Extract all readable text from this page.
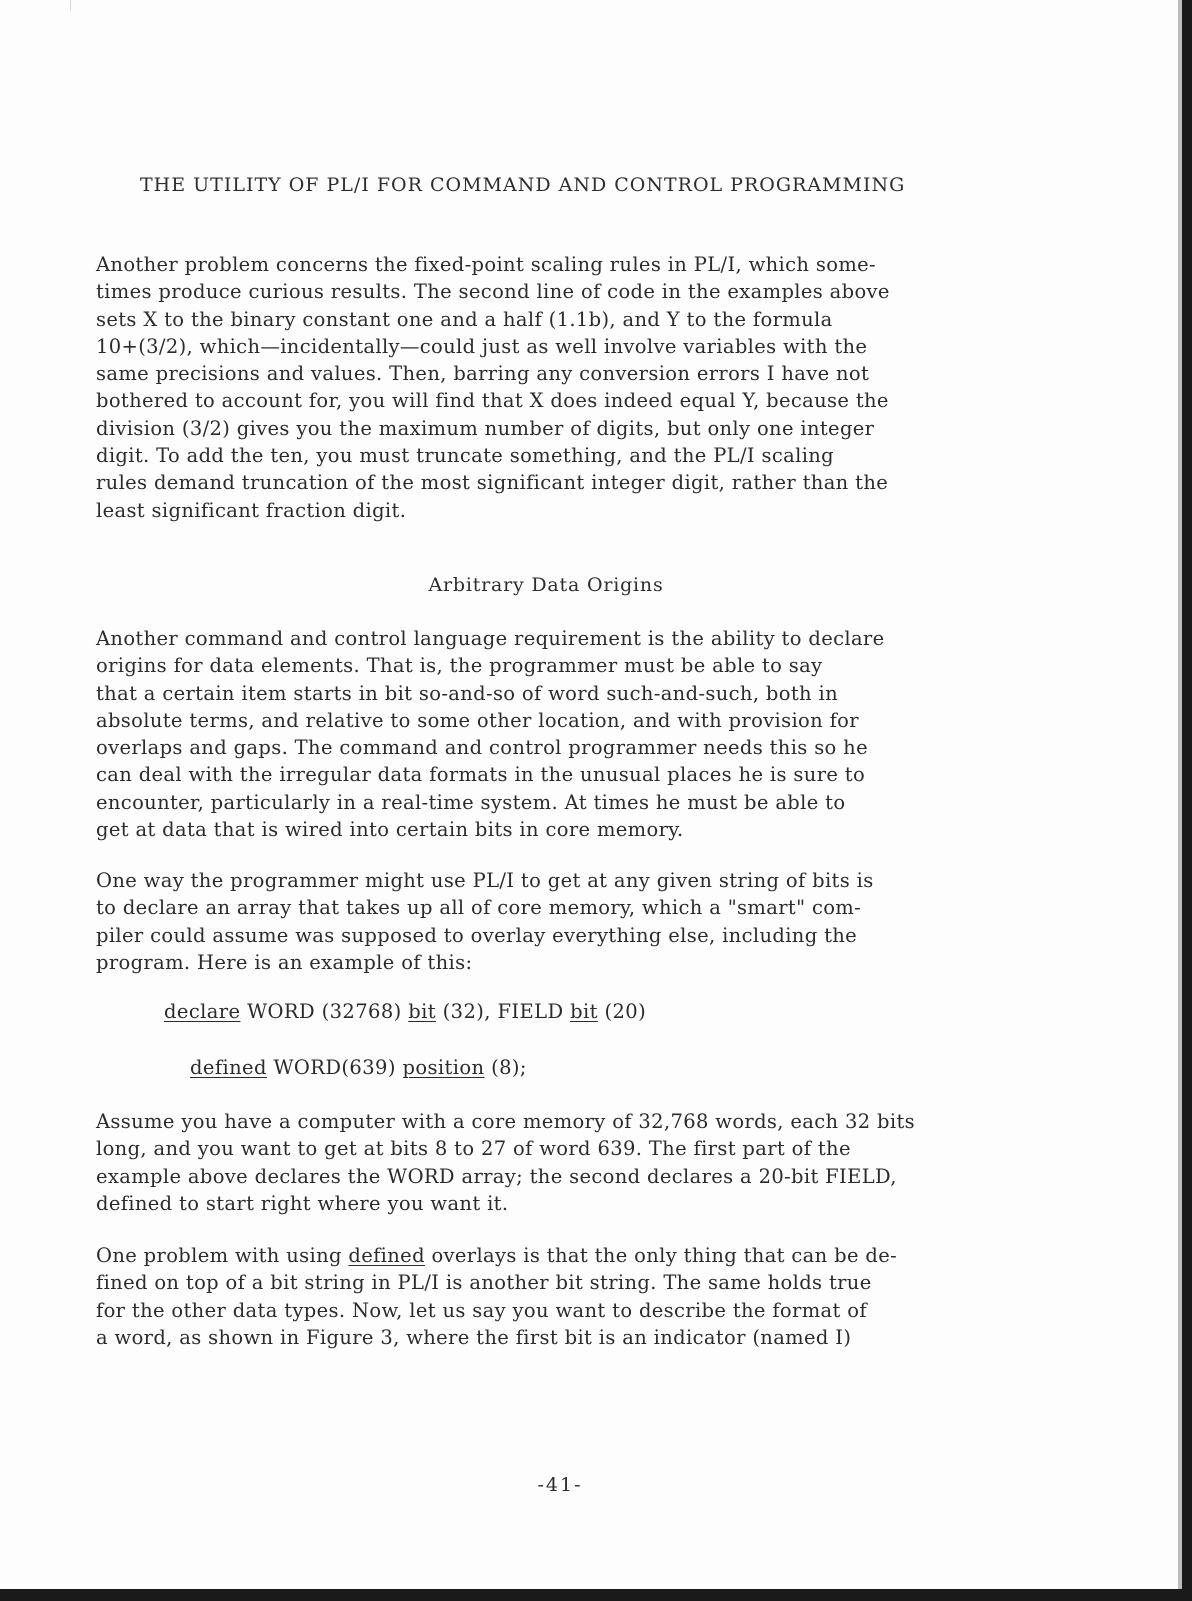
THE UTILITY OF PL/I FOR COMMAND AND CONTROL PROGRAMMING
Another problem concerns the fixed-point scaling rules in PL/I, which some-
times produce curious results. The second line of code in the examples above
sets X to the binary constant one and a half (1.1b), and Y to the formula
10+(3/2), which—incidentally—could just as well involve variables with the
same precisions and values. Then, barring any conversion errors I have not
bothered to account for, you will find that X does indeed equal Y, because the
division (3/2) gives you the maximum number of digits, but only one integer
digit. To add the ten, you must truncate something, and the PL/I scaling
rules demand truncation of the most significant integer digit, rather than the
least significant fraction digit.
Arbitrary Data Origins
Another command and control language requirement is the ability to declare
origins for data elements. That is, the programmer must be able to say
that a certain item starts in bit so-and-so of word such-and-such, both in
absolute terms, and relative to some other location, and with provision for
overlaps and gaps. The command and control programmer needs this so he
can deal with the irregular data formats in the unusual places he is sure to
encounter, particularly in a real-time system. At times he must be able to
get at data that is wired into certain bits in core memory.
One way the programmer might use PL/I to get at any given string of bits is
to declare an array that takes up all of core memory, which a "smart" com-
piler could assume was supposed to overlay everything else, including the
program. Here is an example of this:
declare WORD (32768) bit (32), FIELD bit (20)
defined WORD(639) position (8);
Assume you have a computer with a core memory of 32,768 words, each 32 bits
long, and you want to get at bits 8 to 27 of word 639. The first part of the
example above declares the WORD array; the second declares a 20-bit FIELD,
defined to start right where you want it.
One problem with using defined overlays is that the only thing that can be de-
fined on top of a bit string in PL/I is another bit string. The same holds true
for the other data types. Now, let us say you want to describe the format of
a word, as shown in Figure 3, where the first bit is an indicator (named I)
-41-
